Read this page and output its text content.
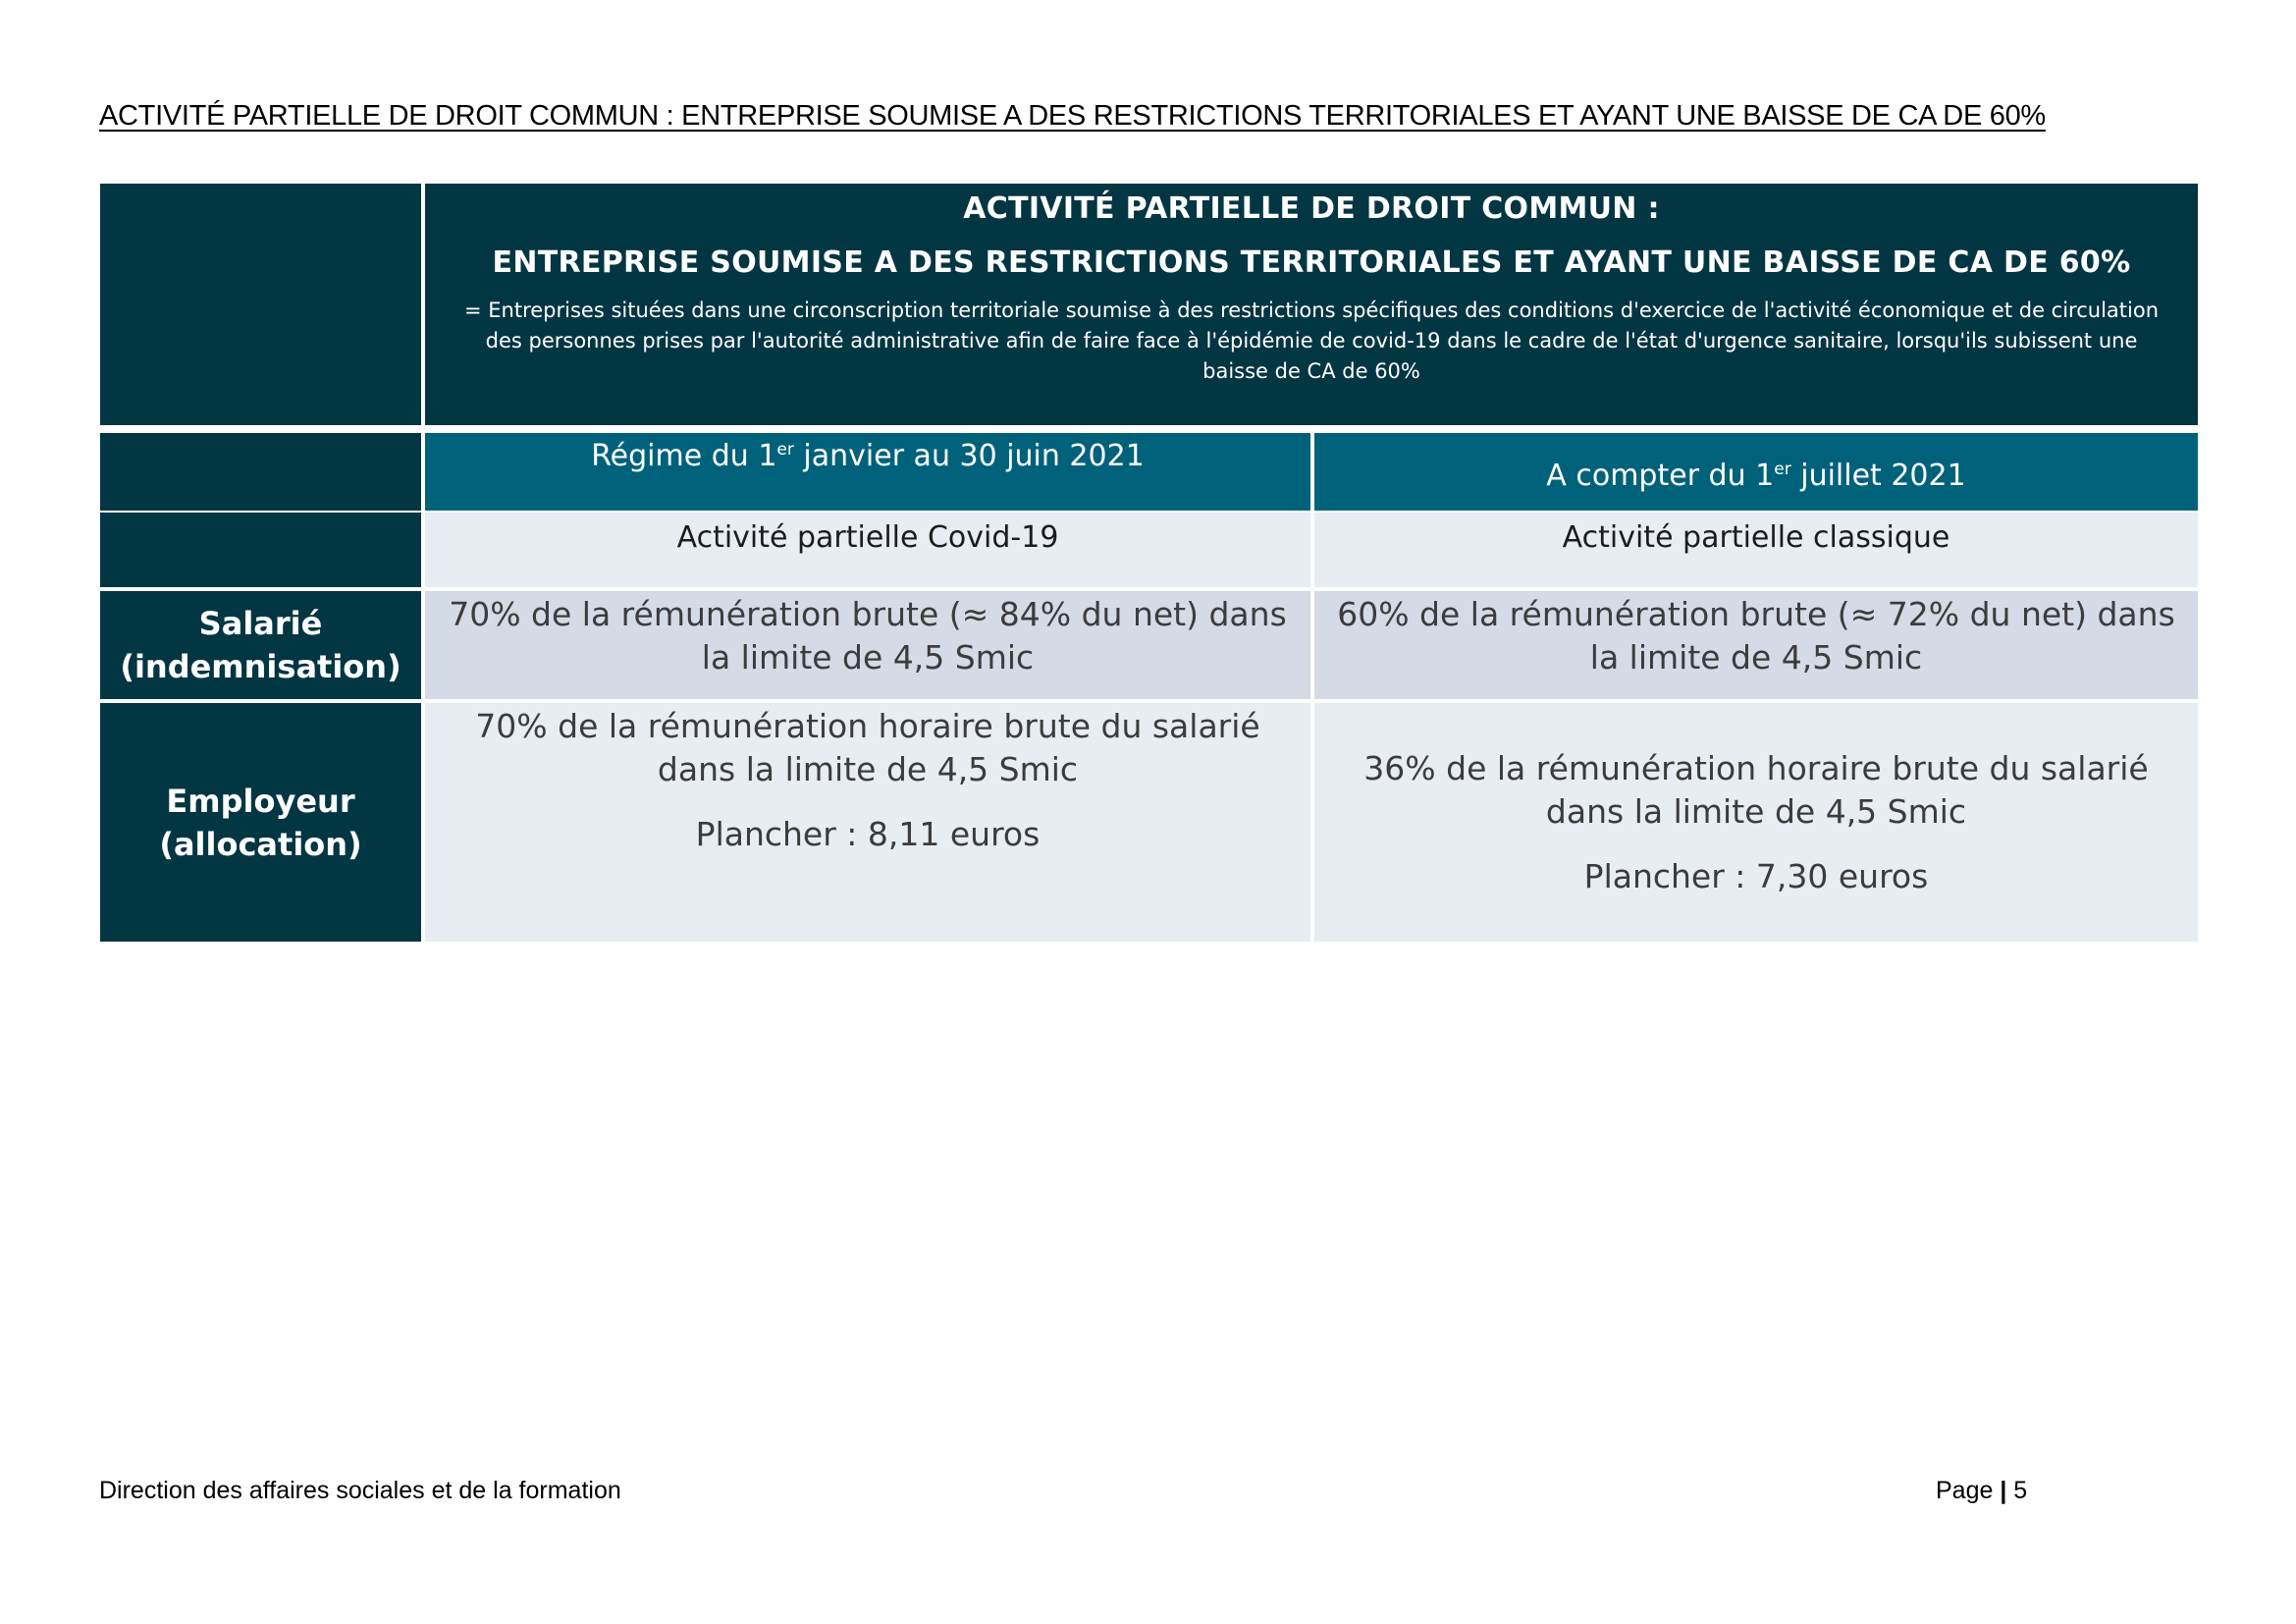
ACTIVITÉ PARTIELLE DE DROIT COMMUN : ENTREPRISE SOUMISE A DES RESTRICTIONS TERRITORIALES ET AYANT UNE BAISSE DE CA DE 60%
ACTIVITÉ PARTIELLE DE DROIT COMMUN :
ENTREPRISE SOUMISE A DES RESTRICTIONS TERRITORIALES ET AYANT UNE BAISSE DE CA DE 60%
= Entreprises situées dans une circonscription territoriale soumise à des restrictions spécifiques des conditions d'exercice de l'activité économique et de circulation des personnes prises par l'autorité administrative afin de faire face à l'épidémie de covid-19 dans le cadre de l'état d'urgence sanitaire, lorsqu'ils subissent une baisse de CA de 60%
Régime du 1er janvier au 30 juin 2021
A compter du 1er juillet 2021
Activité partielle Covid-19	Activité partielle classique
Salarié
(indemnisation)
70% de la rémunération brute (≈ 84% du net) dans la limite de 4,5 Smic
60% de la rémunération brute (≈ 72% du net) dans la limite de 4,5 Smic
Employeur
(allocation)

70% de la rémunération horaire brute du salarié dans la limite de 4,5 Smic

Plancher : 8,11 euros

36% de la rémunération horaire brute du salarié dans la limite de 4,5 Smic

Plancher : 7,30 euros

Direction des affaires sociales et de la formation	Page | 5
